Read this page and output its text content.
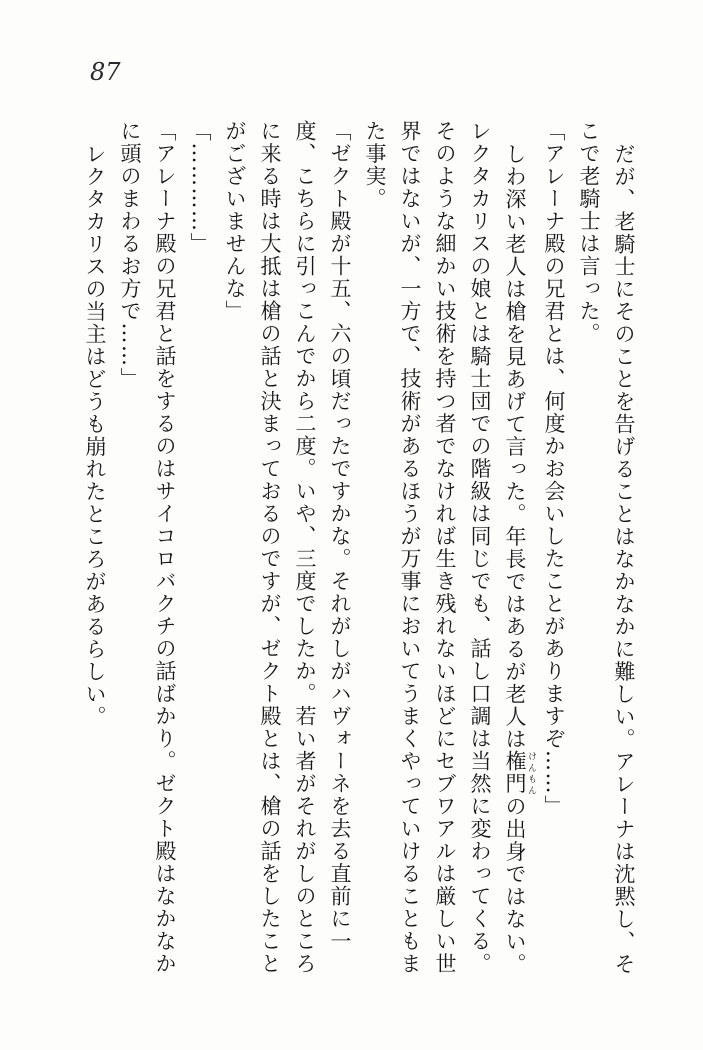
87

だが、老騎士にそのことを告げることはなかなかに難しい。アレーナは沈黙し、そこで老騎士は言った。

「アレーナ殿の兄君とは、何度かお会いしたことがありますぞ……」

しわ深い老人は槍を見あげて言った。年長ではあるが老人は権門 けんもんの出身ではない。レクタカリスの娘とは騎士団での階級は同じでも、話し口調は当然に変わってくる。そのような細かい技術を持つ者でなければ生き残れないほどにセブワアルは厳しい世界ではないが、一方で、技術があるほうが万事においてうまくやっていけることもまた事実。

「ゼクト殿が十五、六の頃だったですかな。それがしがハヴォーネを去る直前に一度、こちらに引っこんでから二度。いや、三度でしたか。若い者がそれがしのところに来る時は大抵は槍の話と決まっておるのですが、ゼクト殿とは、槍の話をしたことがございませんな」

「…………」

「アレーナ殿の兄君と話をするのはサイコロバクチの話ばかり。ゼクト殿はなかなかに頭のまわるお方で……」

レクタカリスの当主はどうも崩れたところがあるらしい。
